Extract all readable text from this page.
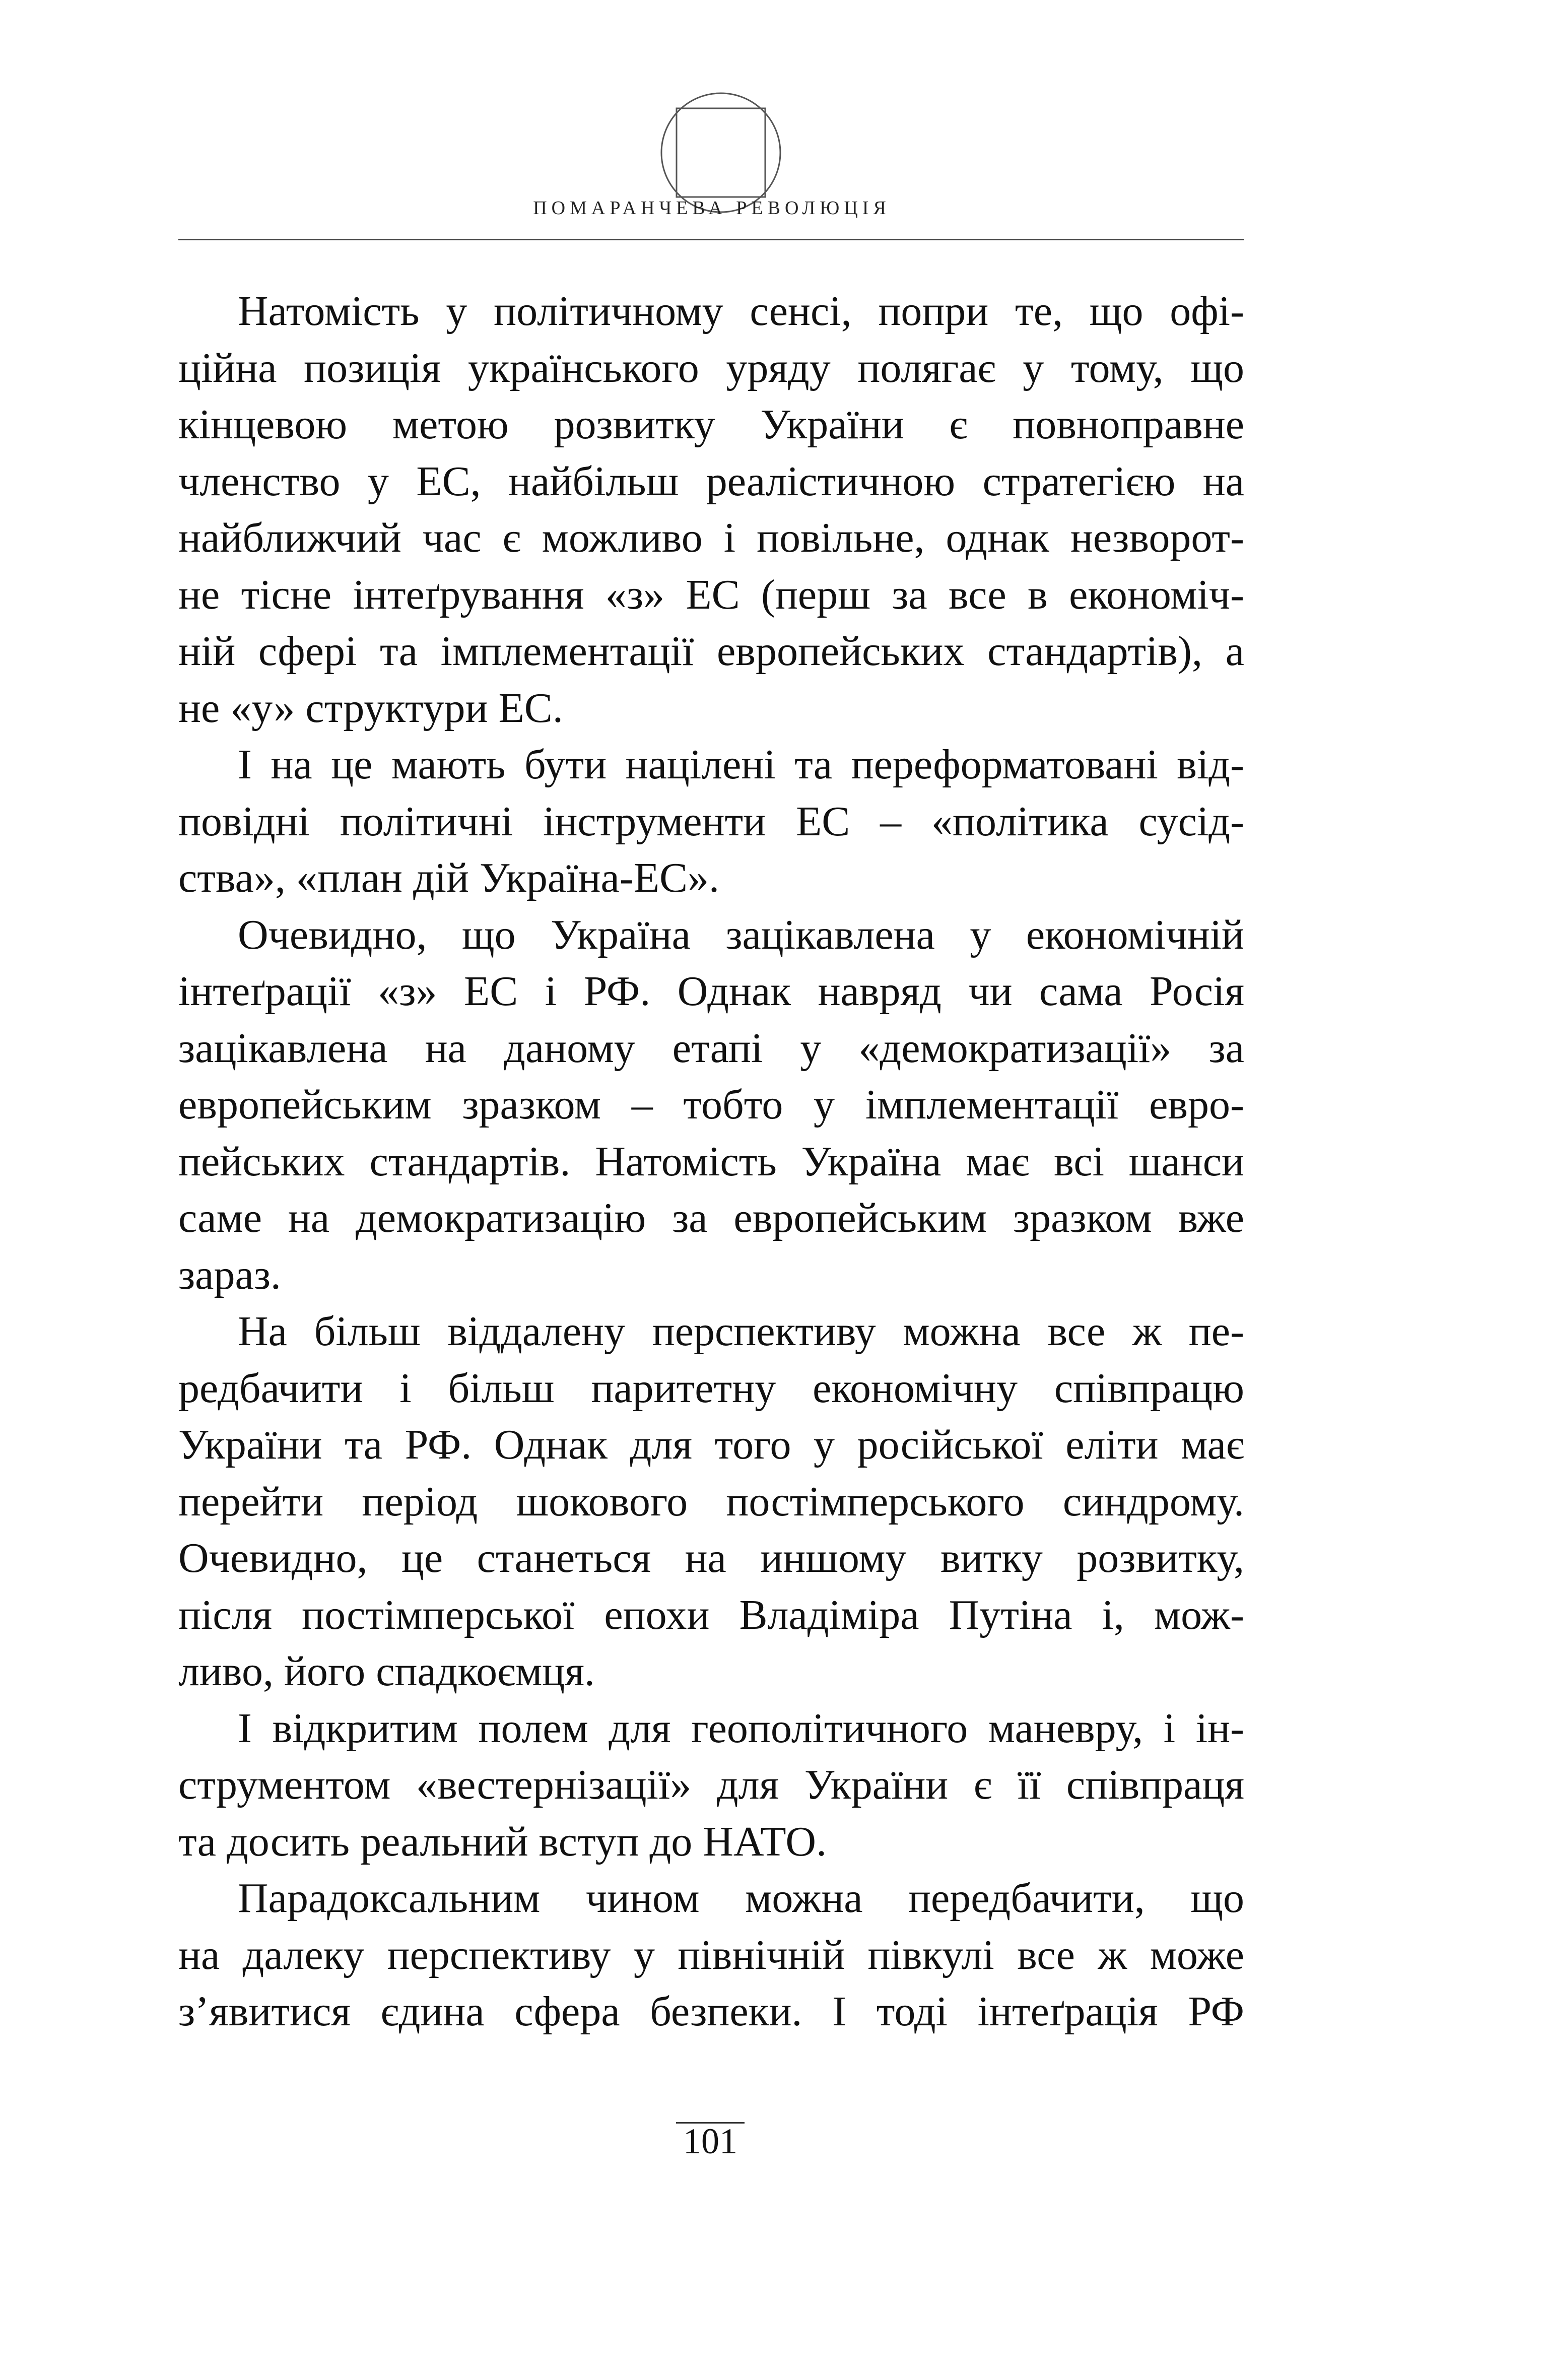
ПОМАРАНЧЕВА РЕВОЛЮЦІЯ

Натомість у політичному сенсі, попри те, що офі-
ційна позиція українського уряду полягає у тому, що
кінцевою метою розвитку України є повноправне
членство у ЕС, найбільш реалістичною стратегією на
найближчий час є можливо і повільне, однак незворот-
не тісне інтеґрування «з» ЕС (перш за все в економіч-
ній сфері та імплементації европейських стандартів), а
не «у» структури ЕС.

І на це мають бути націлені та переформатовані від-
повідні політичні інструменти ЕС – «політика сусід-
ства», «план дій Україна-ЕС».

Очевидно, що Україна зацікавлена у економічній
інтеґрації «з» ЕС і РФ. Однак навряд чи сама Росія
зацікавлена на даному етапі у «демократизації» за
европейським зразком – тобто у імплементації евро-
пейських стандартів. Натомість Україна має всі шанси
саме на демократизацію за европейським зразком вже
зараз.

На більш віддалену перспективу можна все ж пе-
редбачити і більш паритетну економічну співпрацю
України та РФ. Однак для того у російської еліти має
перейти період шокового постімперського синдрому.
Очевидно, це станеться на иншому витку розвитку,
після постімперської епохи Владіміра Путіна і, мож-
ливо, його спадкоємця.

І відкритим полем для геополітичного маневру, і ін-
струментом «вестернізації» для України є її співпраця
та досить реальний вступ до НАТО.

Парадоксальним чином можна передбачити, що
на далеку перспективу у північній півкулі все ж може
з’явитися єдина сфера безпеки. І тоді інтеґрація РФ

101
